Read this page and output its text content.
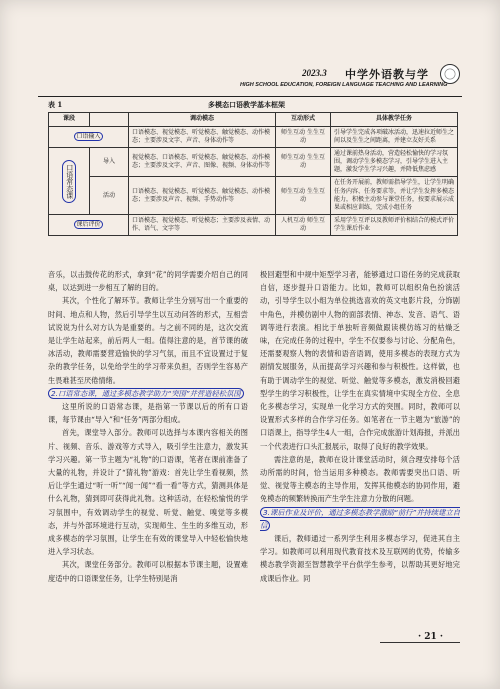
2023.3 中学外语教与学
HIGH SCHOOL EDUCATION, FOREIGN LANGUAGE TEACHING AND LEARNING
表 1	多模态口语教学基本框架
课段		调动模态	互动形式	具体教学任务
口语输入		口语模态、视觉模态、听觉模态、触觉模态、动作模态；主要涉及文字、声音、身体动作等	师生互动 生生互动	引导学生完成各项破冰活动，迅速拉近师生之间以及生生之间距离，并建立友好关系

口语常态课	导入	视觉模态、口语模态、听觉模态、触觉模态、动作模态；主要涉及文字、声音、图像、视频、身体动作等	师生互动 生生互动	通过课前热身活动，营造轻松愉快的学习氛围，调动学生多模态学习，引导学生进入主题，激发学生学习兴趣，并降低焦虑感
	活动	口语模态、视觉模态、听觉模态、触觉模态、动作模态；主要涉及声音、视频、手势动作等	师生互动 生生互动	在任务开展前，教师需指导学生，让学生明确任务内容、任务要求等，并让学生发挥多模态能力，积极主动参与课堂任务，按要求展示成果或相应训练，完成小组任务
课后评价		口语模态、视觉模态、听觉模态；主要涉及表情、动作、语气、文字等	人机互动 师生互动	采用学生互评以及教师评价相结合的模式评价学生课后作业

音乐，以击鼓传花的形式，拿到“花”的同学需要介绍自己的同桌，以达到进一步相互了解的目的。

其次，个性化了解环节。教师让学生分别写出一个重要的时间、地点和人物，然后引导学生以互动问答的形式，互相尝试说说为什么对方认为是重要的。与之前不同的是，这次交流是让学生站起来，前后两人一组。值得注意的是，首节课的破冰活动，教师需要营造愉快的学习气氛，而且不宜设置过于复杂的教学任务，以免给学生的学习带来负担，否则学生容易产生畏难甚至厌倦情绪。

2.口语常态课，通过多模态教学助力“突围”并营造轻松氛围

这里所说的口语常态课，是指第一节课以后的所有口语课，每节课由“导入”和“任务”两部分组成。

首先，课堂导入部分。教师可以选择与本课内容相关的图片、视频、音乐、游戏等方式导入，吸引学生注意力，激发其学习兴趣。第一节主题为“礼物”的口语课，笔者在课前准备了大量的礼物，并设计了“猜礼物”游戏：首先让学生看视频，然后让学生通过“听一听”“闻一闻”“看一看”等方式，猜测具体是什么礼物，猜到即可获得此礼物。这种活动，在轻松愉悦的学习氛围中，有效调动学生的视觉、听觉、触觉、嗅觉等多模态，并与外部环境进行互动，实现师生、生生的多维互动，形成多模态的学习氛围，让学生在有效的课堂导入中轻松愉快地进入学习状态。

其次，课堂任务部分。教师可以根据本节课主题，设置难度适中的口语课堂任务，让学生特别是消

极回避型和中规中矩型学习者，能够通过口语任务的完成获取自信，逐步提升口语能力。比如，教师可以组织角色扮演活动，引导学生以小组为单位挑选喜欢的英文电影片段，分饰剧中角色，并模仿剧中人物的面部表情、神态、发音、语气、语调等进行表演。相比于单独听音频做跟读模仿练习的枯燥乏味，在完成任务的过程中，学生不仅要参与讨论、分配角色，还需要观察人物的表情和语音语调，使用多模态的表现方式为剧情发展服务，从而提高学习兴趣和参与积极性。这样做，也有助于调动学生的视觉、听觉、触觉等多模态，激发消极回避型学生的学习积极性，让学生在真实情境中实现全方位、全息化多模态学习，实现单一化学习方式的突围。同时，教师可以设置形式多样的合作学习任务。如笔者在一节主题为“旅游”的口语课上，指导学生4人一组，合作完成旅游计划海报，并派出一个代表进行口头汇报展示，取得了良好的教学效果。

需注意的是，教师在设计课堂活动时，须合理安排每个活动所需的时间，恰当运用多种模态。教师需要突出口语、听觉、视觉等主模态的主导作用，发挥其他模态的协同作用，避免模态的频繁转换而产生学生注意力分散的问题。

3.课后作业及评价，通过多模态教学激励“前行”并持续建立自信

课后，教师通过一系列学生利用多模态学习，促进其自主学习。如教师可以利用现代教育技术及互联网的优势，传输多模态教学资源至智慧教学平台供学生参考，以帮助其更好地完成课后作业。同

· 21 ·
